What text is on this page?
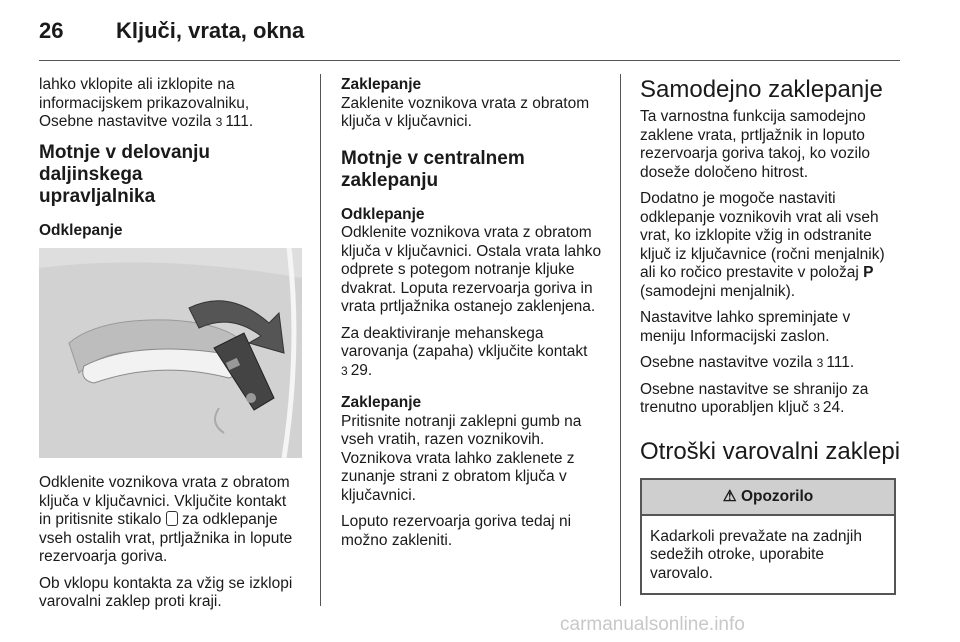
26 Ključi, vrata, okna

lahko vklopite ali izklopite na
informacijskem prikazovalniku,
Osebne nastavitve vozila 3 111.

Motnje v delovanju daljinskega
upravljalnika
Odklepanje

Odklenite voznikova vrata z obratom
ključa v ključavnici. Vključite kontakt
in pritisnite stikalo za odklepanje
vseh ostalih vrat, prtljažnika in lopute
rezervoarja goriva.

Ob vklopu kontakta za vžig se izklopi
varovalni zaklep proti kraji.

Zaklepanje

Zaklenite voznikova vrata z obratom
ključa v ključavnici.

Motnje v centralnem zaklepanju
Odklepanje

Odklenite voznikova vrata z obratom
ključa v ključavnici. Ostala vrata lahko
odprete s potegom notranje kljuke
dvakrat. Loputa rezervoarja goriva in
vrata prtljažnika ostanejo zaklenjena.

Za deaktiviranje mehanskega
varovanja (zapaha) vključite kontakt
3 29.

Zaklepanje

Pritisnite notranji zaklepni gumb na
vseh vratih, razen voznikovih.
Voznikova vrata lahko zaklenete z
zunanje strani z obratom ključa v
ključavnici.

Loputo rezervoarja goriva tedaj ni
možno zakleniti.

Samodejno zaklepanje

Ta varnostna funkcija samodejno
zaklene vrata, prtljažnik in loputo
rezervoarja goriva takoj, ko vozilo
doseže določeno hitrost.

Dodatno je mogoče nastaviti
odklepanje voznikovih vrat ali vseh
vrat, ko izklopite vžig in odstranite
ključ iz ključavnice (ročni menjalnik)
ali ko ročico prestavite v položaj P
(samodejni menjalnik).

Nastavitve lahko spreminjate v
meniju Informacijski zaslon.

Osebne nastavitve vozila 3 111.

Osebne nastavitve se shranijo za
trenutno uporabljen ključ 3 24.

Otroški varovalni zaklepi
⚠ Opozorilo
Kadarkoli prevažate na zadnjih
sedežih otroke, uporabite
varovalo.
carmanualsonline.info
